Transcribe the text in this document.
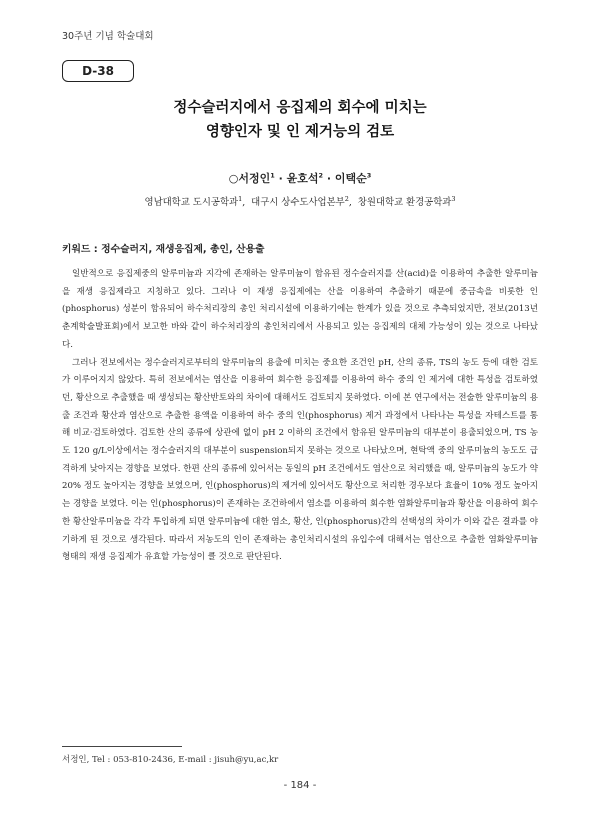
30주년 기념 학술대회
D-38
정수슬러지에서 응집제의 회수에 미치는
영향인자 및 인 제거능의 검토
○서정인$^1$ · 윤호석$^2$ · 이택순$^3$
영남대학교 도시공학과$^1$,  대구시 상수도사업본부$^2$,  창원대학교 환경공학과$^3$
키워드 : 정수슬러지, 재생응집제, 총인, 산용출

일반적으로 응집제중의 알루미늄과 지각에 존재하는 알루미늄이 함유된 정수슬러지를 산(acid)을 이용하여 추출한 알루미늄을 재생 응집제라고 지칭하고 있다. 그러나 이 재생 응집제에는 산을 이용하여 추출하기 때문에 중금속을 비롯한 인(phosphorus) 성분이 함유되어 하수처리장의 총인 처리시설에 이용하기에는 한계가 있을 것으로 추측되었지만, 전보(2013년 춘계학술발표회)에서 보고한 바와 같이 하수처리장의 총인처리에서 사용되고 있는 응집제의 대체 가능성이 있는 것으로 나타났다.

그러나 전보에서는 정수슬러지로부터의 알루미늄의 용출에 미치는 중요한 조건인 pH, 산의 종류, TS의 농도 등에 대한 검토가 이루어지지 않았다. 특히 전보에서는 염산을 이용하여 회수한 응집제를 이용하여 하수 중의 인 제거에 대한 특성을 검토하였던, 황산으로 추출했을 때 생성되는 황산반토와의 차이에 대해서도 검토되지 못하였다. 이에 본 연구에서는 전술한 알루미늄의 용출 조건과 황산과 염산으로 추출한 용액을 이용하여 하수 중의 인(phosphorus) 제거 과정에서 나타나는 특성을 자테스트를 통해 비교·검토하였다. 검토한 산의 종류에 상관에 없이 pH 2 이하의 조건에서 함유된 알루미늄의 대부분이 용출되었으며, TS 농도 120 g/L이상에서는 정수슬러지의 대부분이 suspension되지 못하는 것으로 나타났으며, 현탁액 중의 알루미늄의 농도도 급격하게 낮아지는 경향을 보였다. 한편 산의 종류에 있어서는 동일의 pH 조건에서도 염산으로 처리했을 때, 알루미늄의 농도가 약 20% 정도 높아지는 경향을 보였으며, 인(phosphorus)의 제거에 있어서도 황산으로 처리한 경우보다 효율이 10% 정도 높아지는 경향을 보였다. 이는 인(phosphorus)이 존재하는 조건하에서 염소를 이용하여 회수한 염화알루미늄과 황산을 이용하여 회수한 황산알루미늄을 각각 투입하게 되면 알루미늄에 대한 염소, 황산, 인(phosphorus)간의 선택성의 차이가 이와 같은 결과를 야기하게 된 것으로 생각된다. 따라서 저농도의 인이 존재하는 총인처리시설의 유입수에 대해서는 염산으로 추출한 염화알루미늄 형태의 재생 응집제가 유효할 가능성이 클 것으로 판단된다.

서정인, Tel : 053-810-2436, E-mail : jisuh@yu,ac,kr
- 184 -
